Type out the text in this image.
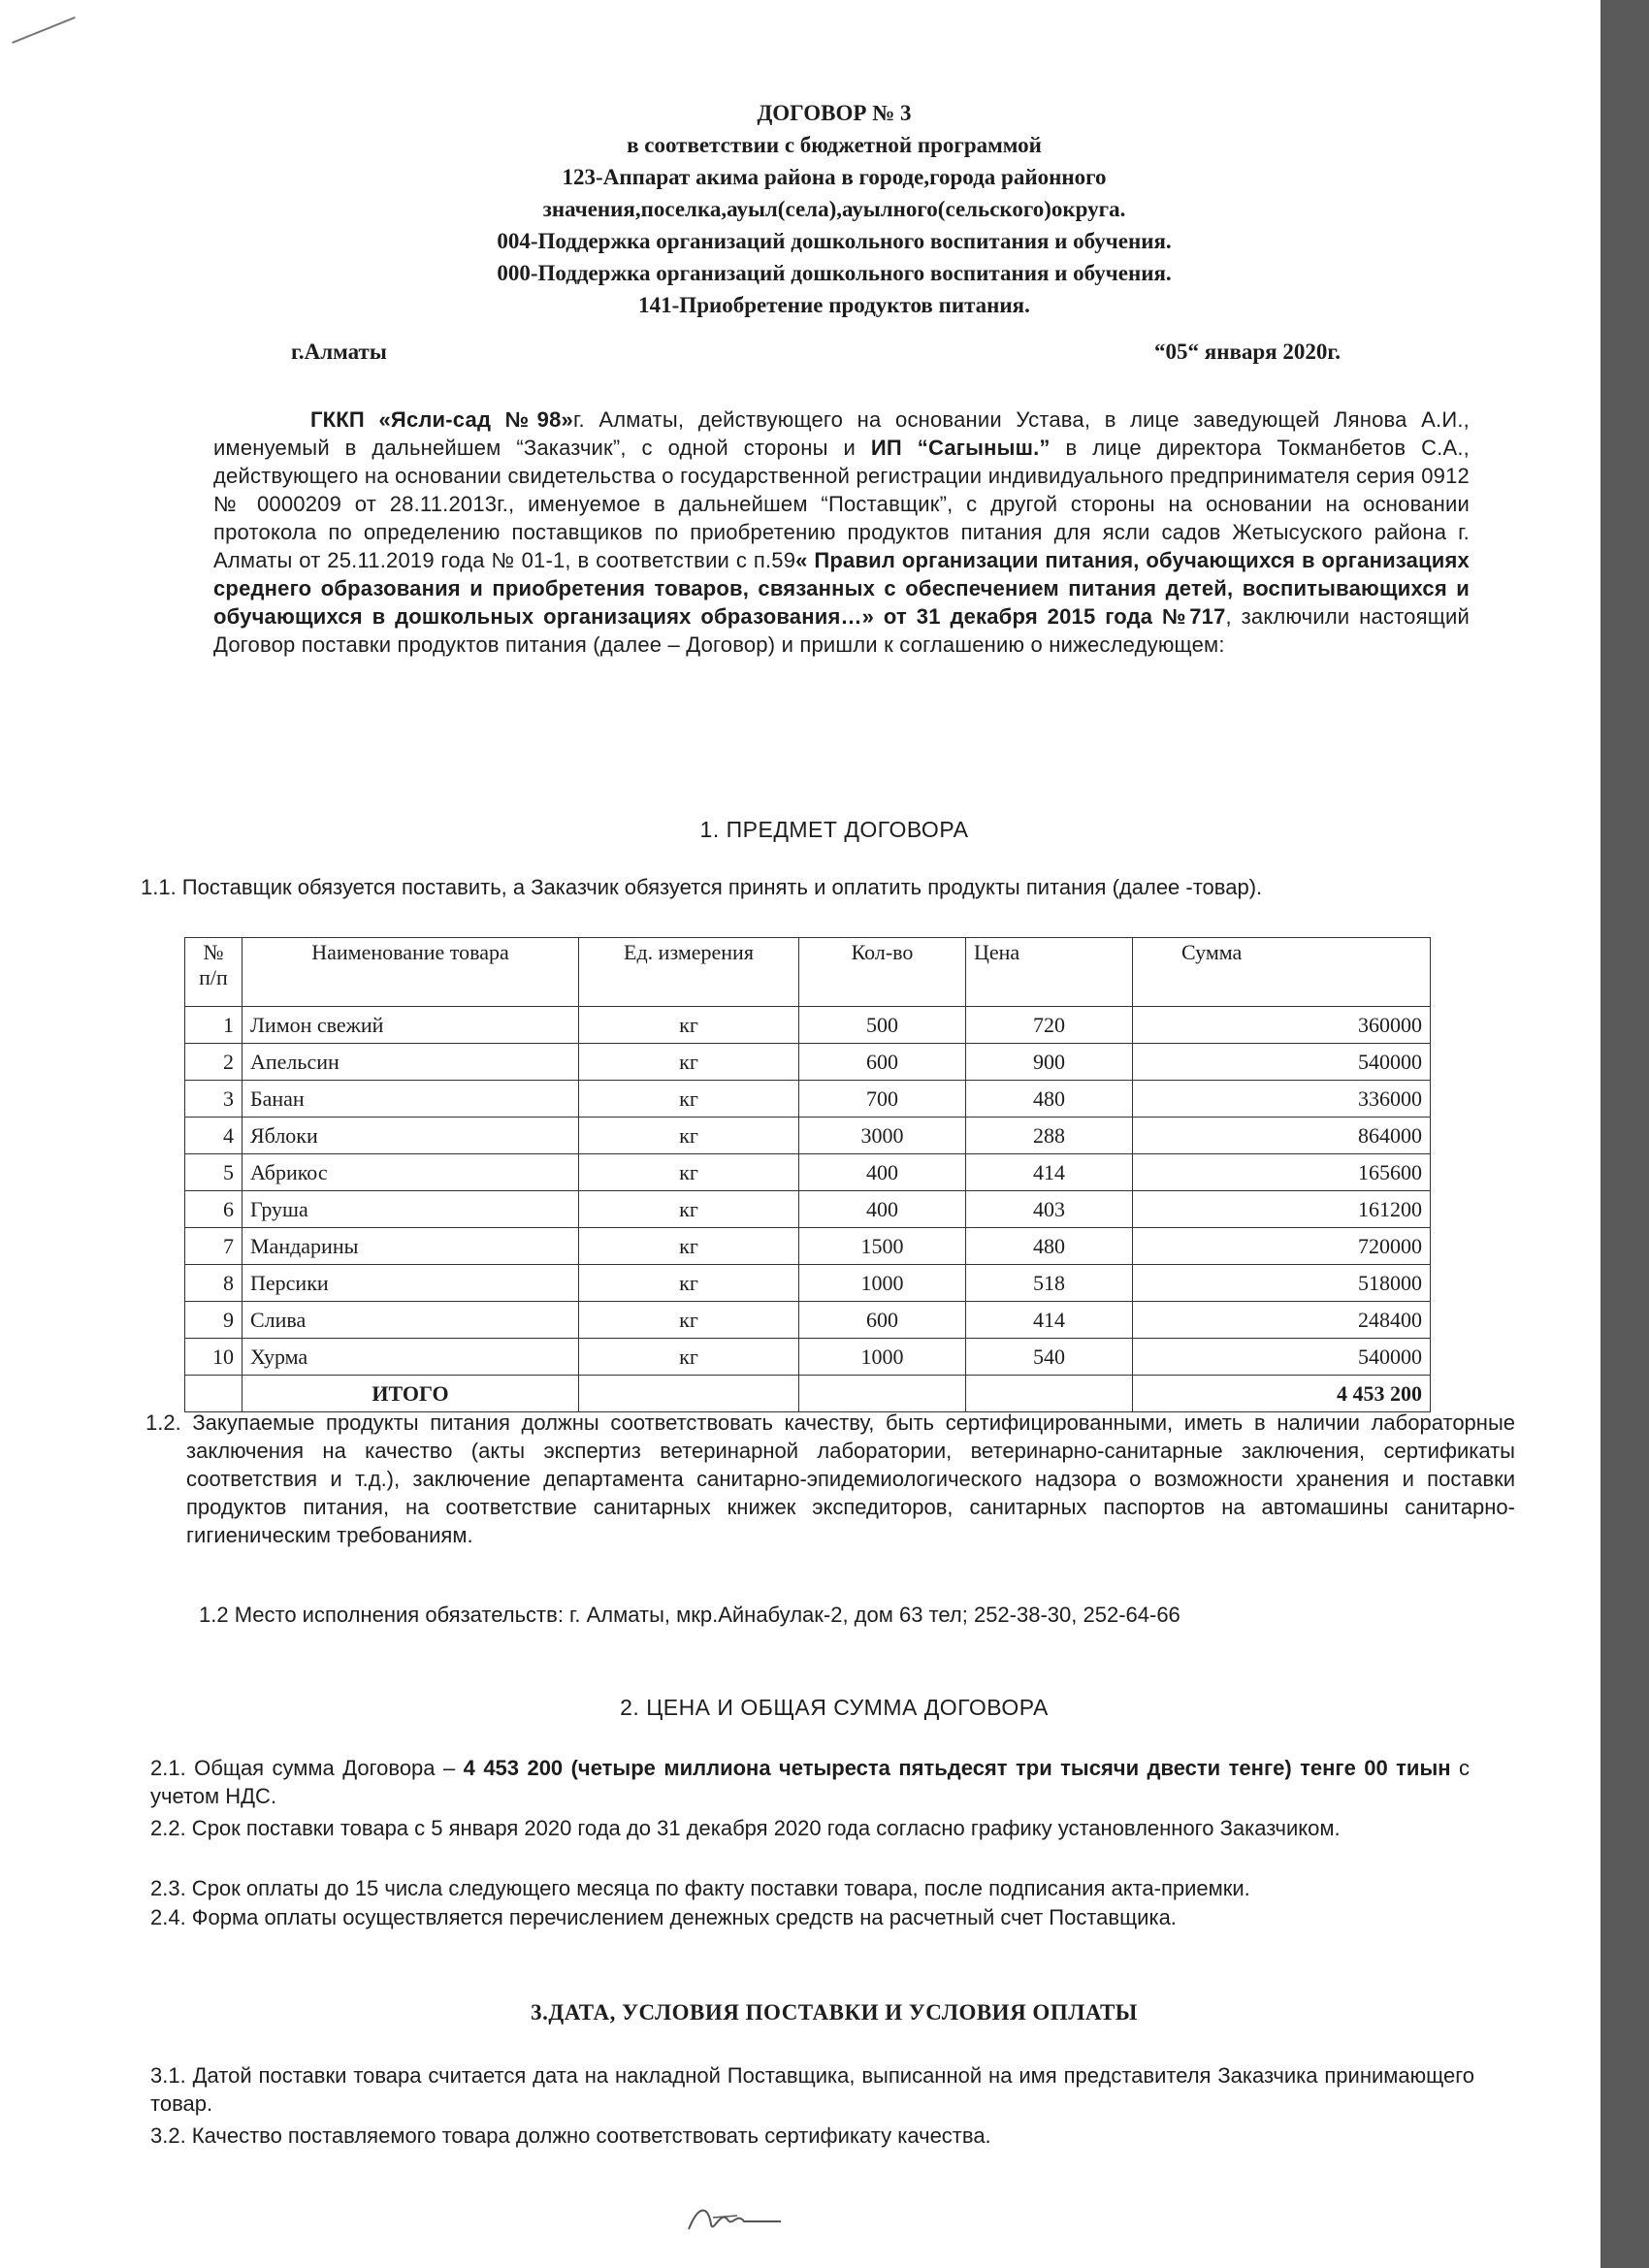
ДОГОВОР № 3
в соответствии с бюджетной программой
123-Аппарат акима района в городе,города районного
значения,поселка,ауыл(села),ауылного(сельского)округа.
004-Поддержка организаций дошкольного воспитания и обучения.
000-Поддержка организаций дошкольного воспитания и обучения.
141-Приобретение продуктов питания.
г.Алматы	“05“ января 2020г.
ГККП «Ясли-сад №98»г. Алматы, действующего на основании Устава, в лице заведующей Лянова А.И., именуемый в дальнейшем “Заказчик”, с одной стороны и ИП “Сагыныш.” в лице директора Токманбетов С.А., действующего на основании свидетельства о государственной регистрации индивидуального предпринимателя серия 0912 № 0000209 от 28.11.2013г., именуемое в дальнейшем “Поставщик”, с другой стороны на основании на основании протокола по определению поставщиков по приобретению продуктов питания для ясли садов Жетысуского района г. Алматы от 25.11.2019 года № 01-1, в соответствии с п.59« Правил организации питания, обучающихся в организациях среднего образования и приобретения товаров, связанных с обеспечением питания детей, воспитывающихся и обучающихся в дошкольных организациях образования…» от 31 декабря 2015 года №717, заключили настоящий Договор поставки продуктов питания (далее – Договор) и пришли к соглашению о нижеследующем:
1. ПРЕДМЕТ ДОГОВОРА
1.1. Поставщик обязуется поставить, а Заказчик обязуется принять и оплатить продукты питания (далее -товар).
№ п/п	Наименование товара	Ед. измерения	Кол-во	Цена	Сумма
1	Лимон свежий	кг	500	720	360000
2	Апельсин	кг	600	900	540000
3	Банан	кг	700	480	336000
4	Яблоки	кг	3000	288	864000
5	Абрикос	кг	400	414	165600
6	Груша	кг	400	403	161200
7	Мандарины	кг	1500	480	720000
8	Персики	кг	1000	518	518000
9	Слива	кг	600	414	248400
10	Хурма	кг	1000	540	540000
	ИТОГО				4 453 200
1.2. Закупаемые продукты питания должны соответствовать качеству, быть сертифицированными, иметь в наличии лабораторные заключения на качество (акты экспертиз ветеринарной лаборатории, ветеринарно-санитарные заключения, сертификаты соответствия и т.д.), заключение департамента санитарно-эпидемиологического надзора о возможности хранения и поставки продуктов питания, на соответствие санитарных книжек экспедиторов, санитарных паспортов на автомашины санитарно-гигиеническим требованиям.
1.2 Место исполнения обязательств: г. Алматы, мкр.Айнабулак-2, дом 63 тел; 252-38-30, 252-64-66
2. ЦЕНА И ОБЩАЯ СУММА ДОГОВОРА
2.1. Общая сумма Договора – 4 453 200 (четыре миллиона четыреста пятьдесят три тысячи двести тенге) тенге 00 тиын с учетом НДС.
2.2. Срок поставки товара с 5 января 2020 года до 31 декабря 2020 года согласно графику установленного Заказчиком.
2.3. Срок оплаты до 15 числа следующего месяца по факту поставки товара, после подписания акта-приемки.
2.4. Форма оплаты осуществляется перечислением денежных средств на расчетный счет Поставщика.
3.ДАТА, УСЛОВИЯ ПОСТАВКИ И УСЛОВИЯ ОПЛАТЫ
3.1. Датой поставки товара считается дата на накладной Поставщика, выписанной на имя представителя Заказчика принимающего товар.
3.2. Качество поставляемого товара должно соответствовать сертификату качества.
